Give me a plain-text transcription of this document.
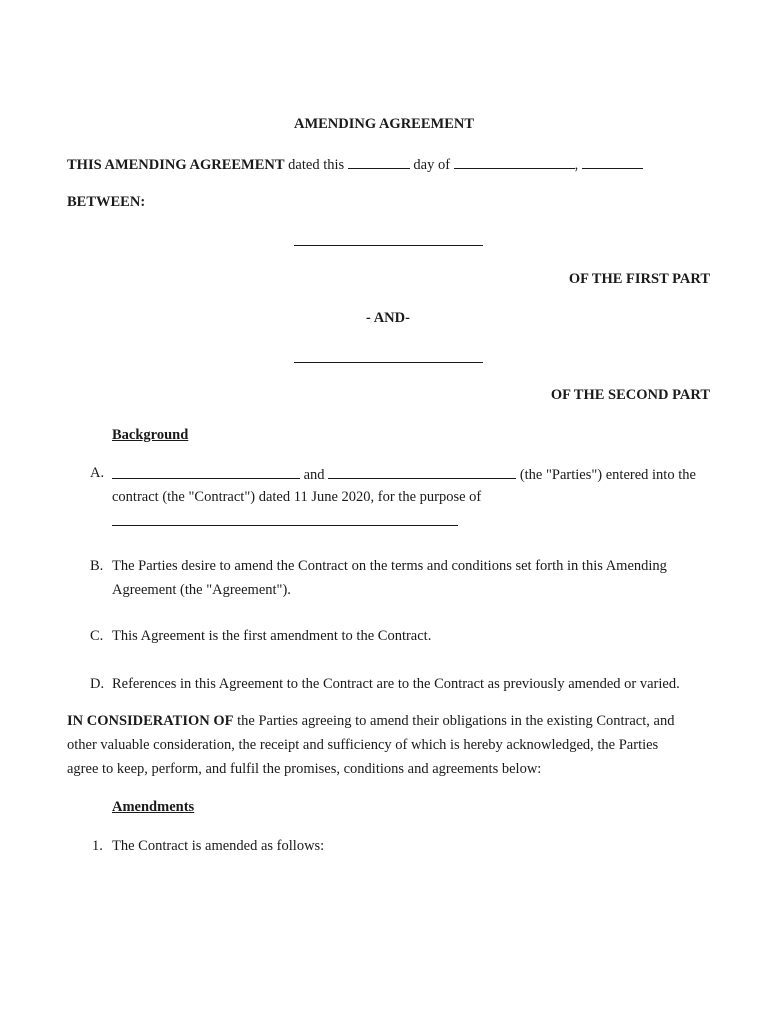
AMENDING AGREEMENT
THIS AMENDING AGREEMENT dated this	day of	,
BETWEEN:
OF THE FIRST PART
- AND-
OF THE SECOND PART
Background
A.	and	(the "Parties") entered into the
contract (the "Contract") dated 11 June 2020, for the purpose of
B. The Parties desire to amend the Contract on the terms and conditions set forth in this Amending
Agreement (the "Agreement").
C. This Agreement is the first amendment to the Contract.
D. References in this Agreement to the Contract are to the Contract as previously amended or varied.
IN CONSIDERATION OF the Parties agreeing to amend their obligations in the existing Contract, and
other valuable consideration, the receipt and sufficiency of which is hereby acknowledged, the Parties
agree to keep, perform, and fulfil the promises, conditions and agreements below:
Amendments
1. The Contract is amended as follows:
